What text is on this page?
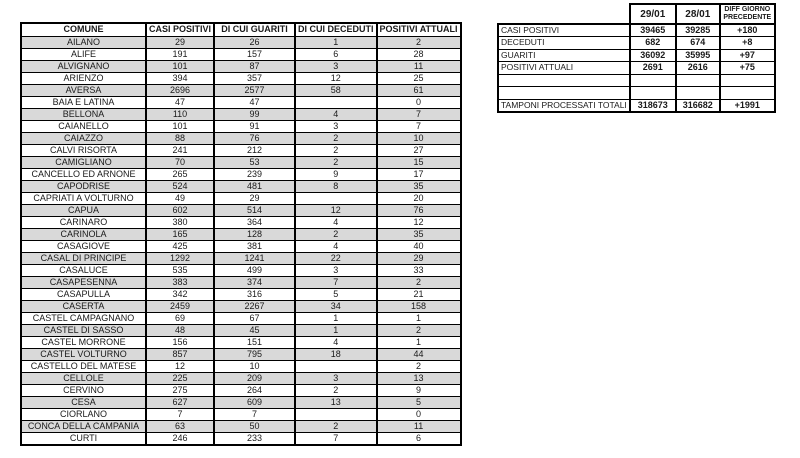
COMUNE	CASI POSITIVI	DI CUI GUARITI	DI CUI DECEDUTI	POSITIVI ATTUALI
AILANO	29	26	1	2
ALIFE	191	157	6	28
ALVIGNANO	101	87	3	11
ARIENZO	394	357	12	25
AVERSA	2696	2577	58	61
BAIA E LATINA	47	47		0
BELLONA	110	99	4	7
CAIANELLO	101	91	3	7
CAIAZZO	88	76	2	10
CALVI RISORTA	241	212	2	27
CAMIGLIANO	70	53	2	15
CANCELLO ED ARNONE	265	239	9	17
CAPODRISE	524	481	8	35
CAPRIATI A VOLTURNO	49	29		20
CAPUA	602	514	12	76
CARINARO	380	364	4	12
CARINOLA	165	128	2	35
CASAGIOVE	425	381	4	40
CASAL DI PRINCIPE	1292	1241	22	29
CASALUCE	535	499	3	33
CASAPESENNA	383	374	7	2
CASAPULLA	342	316	5	21
CASERTA	2459	2267	34	158
CASTEL CAMPAGNANO	69	67	1	1
CASTEL DI SASSO	48	45	1	2
CASTEL MORRONE	156	151	4	1
CASTEL VOLTURNO	857	795	18	44
CASTELLO DEL MATESE	12	10		2
CELLOLE	225	209	3	13
CERVINO	275	264	2	9
CESA	627	609	13	5
CIORLANO	7	7		0
CONCA DELLA CAMPANIA	63	50	2	11
CURTI	246	233	7	6
	29/01	28/01	DIFF GIORNO PRECEDENTE
CASI POSITIVI	39465	39285	+180
DECEDUTI	682	674	+8
GUARITI	36092	35995	+97
POSITIVI ATTUALI	2691	2616	+75

TAMPONI PROCESSATI TOTALI	318673	316682	+1991
